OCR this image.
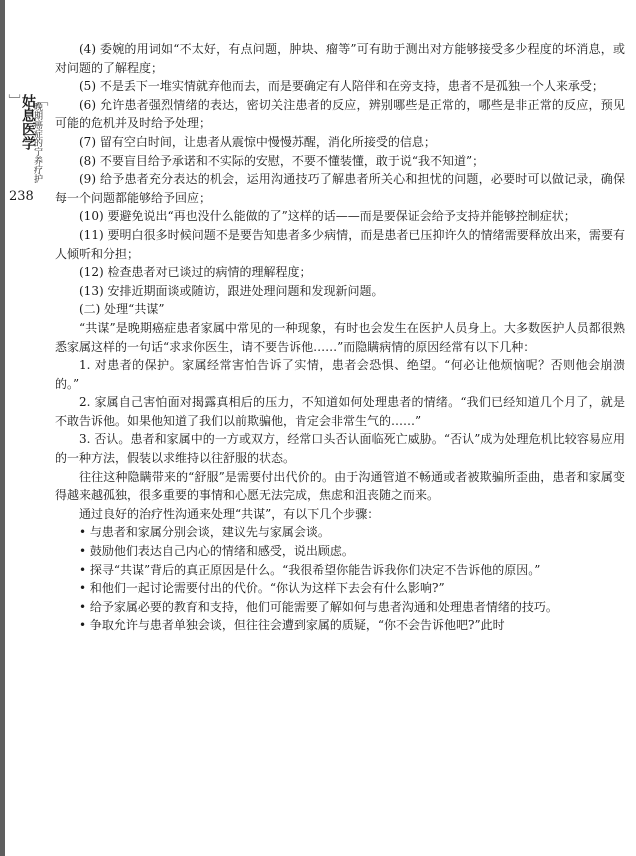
［
姑息医学
］
晚期癌症的宁养疗护
238

(4) 委婉的用词如“不太好，有点问题，肿块、瘤等”可有助于测出对方能够接受多少程度的坏消息，或对问题的了解程度；

(5) 不是丢下一堆实情就弃他而去，而是要确定有人陪伴和在旁支持，患者不是孤独一个人来承受；

(6) 允许患者强烈情绪的表达，密切关注患者的反应，辨别哪些是正常的，哪些是非正常的反应，预见可能的危机并及时给予处理；

(7) 留有空白时间，让患者从震惊中慢慢苏醒，消化所接受的信息；

(8) 不要盲目给予承诺和不实际的安慰，不要不懂装懂，敢于说“我不知道”；

(9) 给予患者充分表达的机会，运用沟通技巧了解患者所关心和担忧的问题，必要时可以做记录，确保每一个问题都能够给予回应；

(10) 要避免说出“再也没什么能做的了”这样的话——而是要保证会给予支持并能够控制症状；

(11) 要明白很多时候问题不是要告知患者多少病情，而是患者已压抑许久的情绪需要释放出来，需要有人倾听和分担；

(12) 检查患者对已谈过的病情的理解程度；

(13) 安排近期面谈或随访，跟进处理问题和发现新问题。

(二) 处理“共谋”

“共谋”是晚期癌症患者家属中常见的一种现象，有时也会发生在医护人员身上。大多数医护人员都很熟悉家属这样的一句话“求求你医生，请不要告诉他……”而隐瞒病情的原因经常有以下几种：

1. 对患者的保护。家属经常害怕告诉了实情，患者会恐惧、绝望。“何必让他烦恼呢？否则他会崩溃的。”

2. 家属自己害怕面对揭露真相后的压力，不知道如何处理患者的情绪。“我们已经知道几个月了，就是不敢告诉他。如果他知道了我们以前欺骗他，肯定会非常生气的……”

3. 否认。患者和家属中的一方或双方，经常口头否认面临死亡威胁。“否认”成为处理危机比较容易应用的一种方法，假装以求维持以往舒服的状态。

往往这种隐瞒带来的“舒服”是需要付出代价的。由于沟通管道不畅通或者被欺骗所歪曲，患者和家属变得越来越孤独，很多重要的事情和心愿无法完成，焦虑和沮丧随之而来。

通过良好的治疗性沟通来处理“共谋”，有以下几个步骤：

• 与患者和家属分别会谈，建议先与家属会谈。

• 鼓励他们表达自己内心的情绪和感受，说出顾虑。

• 探寻“共谋”背后的真正原因是什么。“我很希望你能告诉我你们决定不告诉他的原因。”

• 和他们一起讨论需要付出的代价。“你认为这样下去会有什么影响?”

• 给予家属必要的教育和支持，他们可能需要了解如何与患者沟通和处理患者情绪的技巧。

• 争取允许与患者单独会谈，但往往会遭到家属的质疑，“你不会告诉他吧?”此时
